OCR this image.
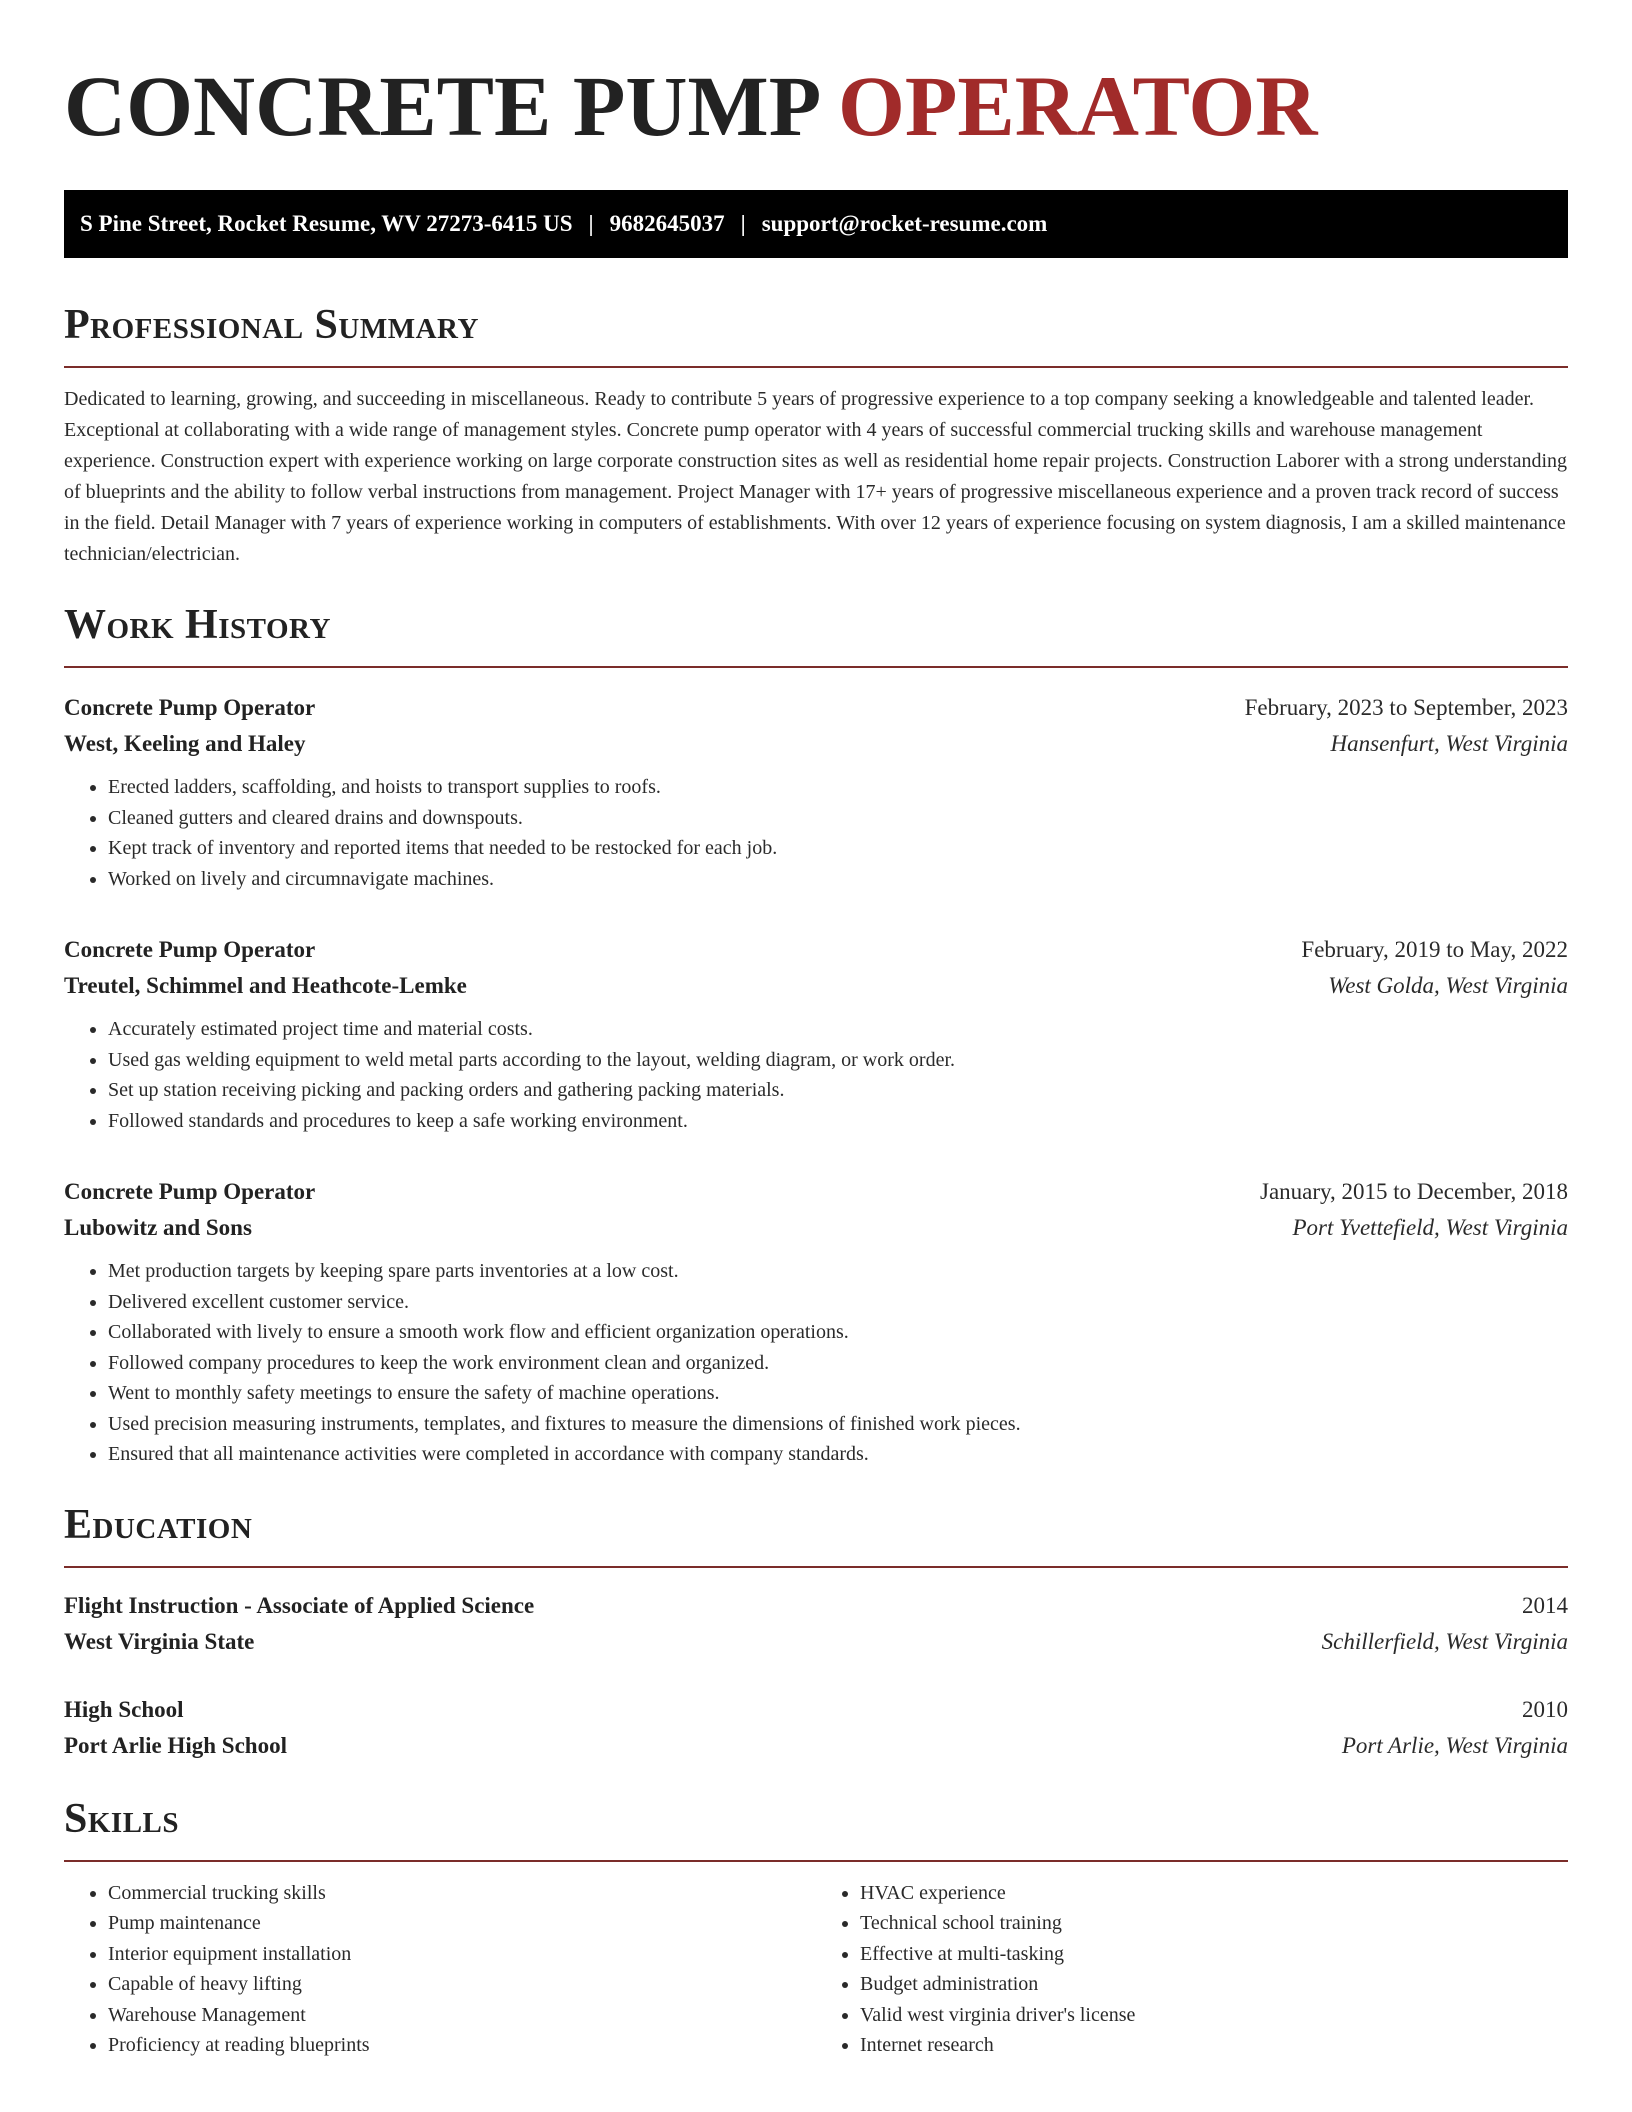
CONCRETE PUMP OPERATOR
S Pine Street, Rocket Resume, WV 27273-6415 US | 9682645037 | support@rocket-resume.com
Professional Summary

Dedicated to learning, growing, and succeeding in miscellaneous. Ready to contribute 5 years of progressive experience to a top company seeking a knowledgeable and talented leader. Exceptional at collaborating with a wide range of management styles. Concrete pump operator with 4 years of successful commercial trucking skills and warehouse management experience. Construction expert with experience working on large corporate construction sites as well as residential home repair projects. Construction Laborer with a strong understanding of blueprints and the ability to follow verbal instructions from management. Project Manager with 17+ years of progressive miscellaneous experience and a proven track record of success in the field. Detail Manager with 7 years of experience working in computers of establishments. With over 12 years of experience focusing on system diagnosis, I am a skilled maintenance technician/electrician.

Work History
Concrete Pump Operator	February, 2023 to September, 2023
West, Keeling and Haley	Hansenfurt, West Virginia
• Erected ladders, scaffolding, and hoists to transport supplies to roofs.
• Cleaned gutters and cleared drains and downspouts.
• Kept track of inventory and reported items that needed to be restocked for each job.
• Worked on lively and circumnavigate machines.
Concrete Pump Operator	February, 2019 to May, 2022
Treutel, Schimmel and Heathcote-Lemke	West Golda, West Virginia
• Accurately estimated project time and material costs.
• Used gas welding equipment to weld metal parts according to the layout, welding diagram, or work order.
• Set up station receiving picking and packing orders and gathering packing materials.
• Followed standards and procedures to keep a safe working environment.
Concrete Pump Operator	January, 2015 to December, 2018
Lubowitz and Sons	Port Yvettefield, West Virginia
• Met production targets by keeping spare parts inventories at a low cost.
• Delivered excellent customer service.
• Collaborated with lively to ensure a smooth work flow and efficient organization operations.
• Followed company procedures to keep the work environment clean and organized.
• Went to monthly safety meetings to ensure the safety of machine operations.
• Used precision measuring instruments, templates, and fixtures to measure the dimensions of finished work pieces.
• Ensured that all maintenance activities were completed in accordance with company standards.
Education
Flight Instruction - Associate of Applied Science	2014
West Virginia State	Schillerfield, West Virginia
High School	2010
Port Arlie High School	Port Arlie, West Virginia
Skills
• Commercial trucking skills
• Pump maintenance
• Interior equipment installation
• Capable of heavy lifting
• Warehouse Management
• Proficiency at reading blueprints
• HVAC experience
• Technical school training
• Effective at multi-tasking
• Budget administration
• Valid west virginia driver's license
• Internet research
